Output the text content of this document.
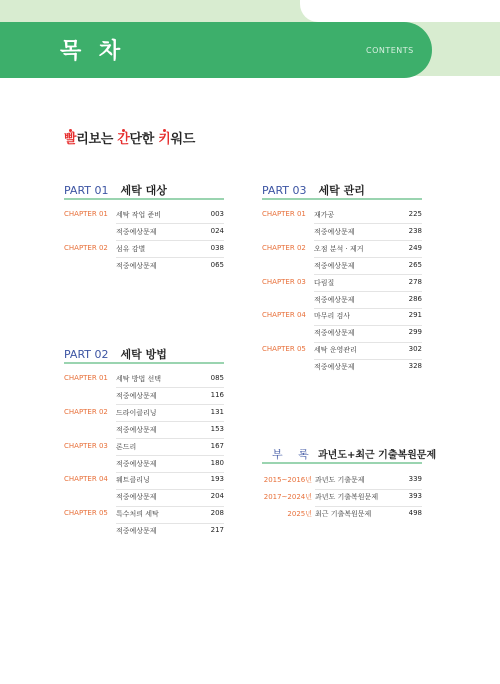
목 차	CONTENTS
빨리보는 간단한 키워드
PART 01 세탁 대상
CHAPTER 01 세탁 작업 준비	003
적중예상문제	024
CHAPTER 02 섬유 감별	038
적중예상문제	065
PART 02 세탁 방법
CHAPTER 01 세탁 방법 선택	085
적중예상문제	116
CHAPTER 02 드라이클리닝	131
적중예상문제	153
CHAPTER 03 론드리	167
적중예상문제	180
CHAPTER 04 웨트클리닝	193
적중예상문제	204
CHAPTER 05 특수처릐 세탁	208
적중예상문제	217
PART 03 세탁 관리
CHAPTER 01 재가공	225
적중예상문제	238
CHAPTER 02 오점 분석 · 제거	249
적중예상문제	265
CHAPTER 03 다림질	278
적중예상문제	286
CHAPTER 04 마무리 검사	291
적중예상문제	299
CHAPTER 05 세탁 운영관리	302
적중예상문제	328
부 록 과년도+최근 기출복원문제
2015~2016년 과년도 기출문제	339
2017~2024년 과년도 기출복원문제	393
2025년 최근 기출복원문제	498
